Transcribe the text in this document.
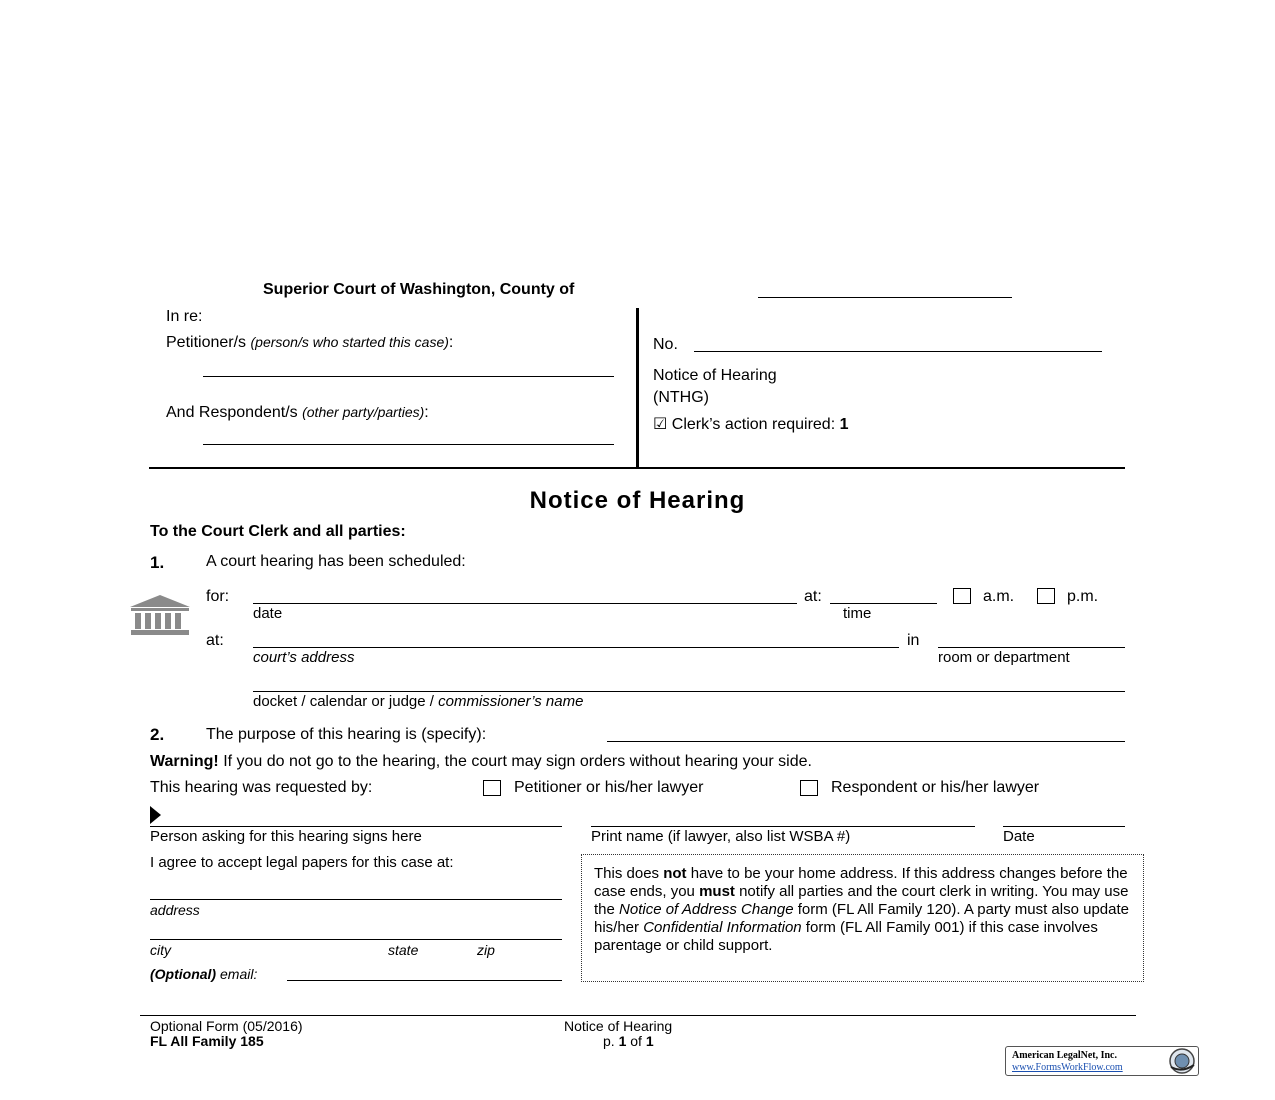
Superior Court of Washington, County of
In re:
Petitioner/s (person/s who started this case):
And Respondent/s (other party/parties):
No.
Notice of Hearing
(NTHG)
☑ Clerk’s action required: 1
Notice of Hearing
To the Court Clerk and all parties:
1.	A court hearing has been scheduled:
for:
date
at:
time
a.m.	p.m.
at:
court’s address
in
room or department
docket / calendar or judge / commissioner’s name
2.	The purpose of this hearing is (specify):
Warning! If you do not go to the hearing, the court may sign orders without hearing your side.
This hearing was requested by:	Petitioner or his/her lawyer	Respondent or his/her lawyer
Person asking for this hearing signs here	Print name (if lawyer, also list WSBA #)	Date
I agree to accept legal papers for this case at:
address
city	state	zip
(Optional) email:
This does not have to be your home address. If this address changes before the case ends, you must notify all parties and the court clerk in writing. You may use the Notice of Address Change form (FL All Family 120). A party must also update his/her Confidential Information form (FL All Family 001) if this case involves parentage or child support.
Optional Form (05/2016)
FL All Family 185
Notice of Hearing
p. 1 of 1
American LegalNet, Inc.
www.FormsWorkFlow.com
